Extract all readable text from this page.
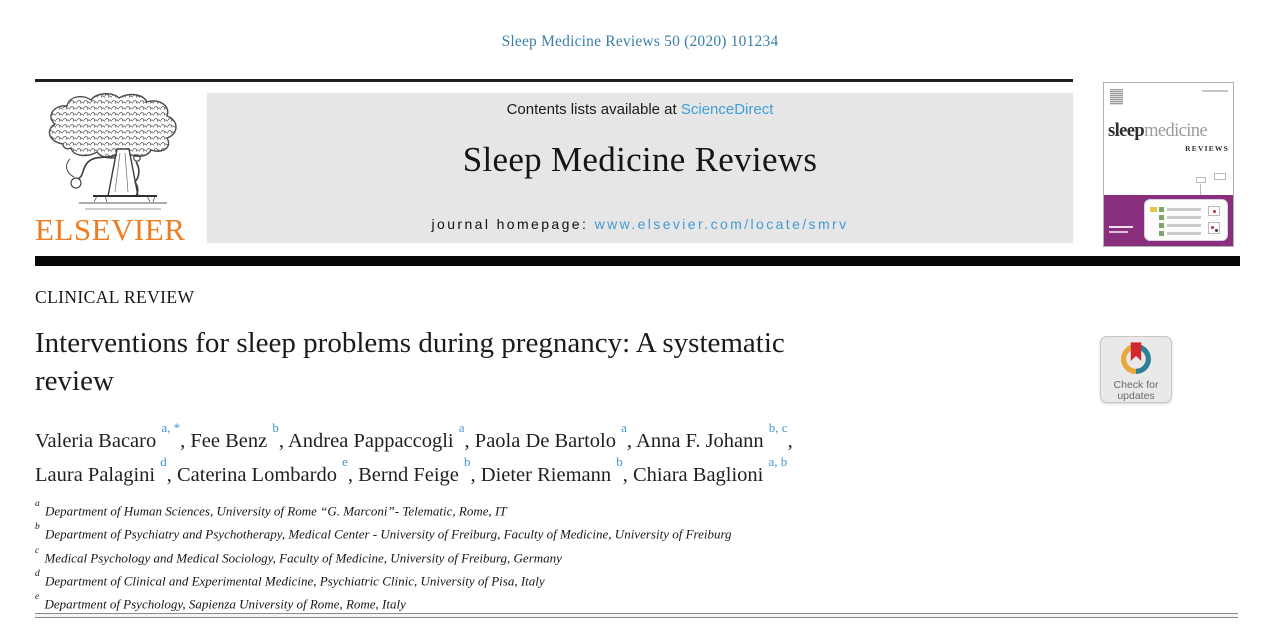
Sleep Medicine Reviews 50 (2020) 101234
ELSEVIER
Contents lists available at ScienceDirect
Sleep Medicine Reviews
journal homepage: www.elsevier.com/locate/smrv
sleepmedicine
REVIEWS
CLINICAL REVIEW
Interventions for sleep problems during pregnancy: A systematic
review	Check for
updates
Valeria Bacaro $^{a, *}$, Fee Benz $^b$, Andrea Pappaccogli $^a$, Paola De Bartolo $^a$, Anna F. Johann $^{b, c}$,
Laura Palagini $^d$, Caterina Lombardo $^e$, Bernd Feige $^b$, Dieter Riemann $^b$, Chiara Baglioni $^{a, b}$
$^a$ Department of Human Sciences, University of Rome “G. Marconi”- Telematic, Rome, IT
$^b$ Department of Psychiatry and Psychotherapy, Medical Center - University of Freiburg, Faculty of Medicine, University of Freiburg
$^c$ Medical Psychology and Medical Sociology, Faculty of Medicine, University of Freiburg, Germany
$^d$ Department of Clinical and Experimental Medicine, Psychiatric Clinic, University of Pisa, Italy
$^e$ Department of Psychology, Sapienza University of Rome, Rome, Italy
